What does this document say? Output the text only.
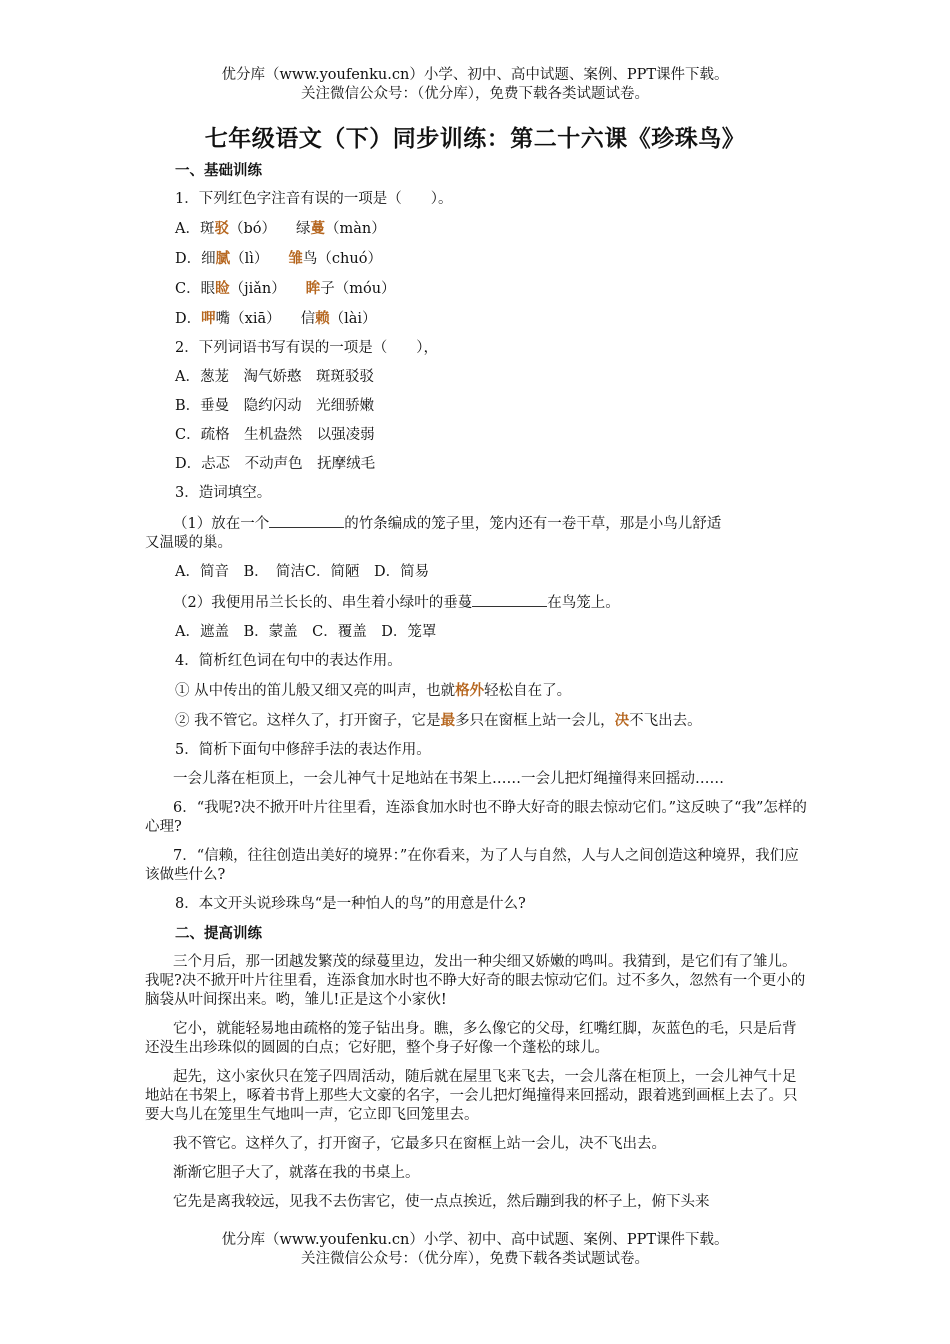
优分库（www.youfenku.cn）小学、初中、高中试题、案例、PPT课件下载。
关注微信公众号：（优分库），免费下载各类试题试卷。
七年级语文（下）同步训练：第二十六课《珍珠鸟》

一、基础训练

1．下列红色字注音有误的一项是（　　）。

A．斑驳（bó） 绿蔓（màn）

D．细腻（lì） 雏鸟（chuó）

C．眼睑（jiǎn） 眸子（móu）

D．呷嘴（xiā） 信赖（lài）

2．下列词语书写有误的一项是（　　），

A．葱茏　淘气娇憨　斑斑驳驳

B．垂曼　隐约闪动　光细骄嫩

C．疏格　生机盎然　以强凌弱

D．忐忑　不动声色　抚摩绒毛

3．造词填空。

（1）放在一个	的竹条编成的笼子里，笼内还有一卷干草，那是小鸟儿舒适

又温暖的巢。

A．简音　B．　简洁C．简陋　D．简易

（2）我便用吊兰长长的、串生着小绿叶的垂蔓	在鸟笼上。

A．遮盖　B．蒙盖　C．覆盖　D．笼罩

4．简析红色词在句中的表达作用。

① 从中传出的笛儿般又细又亮的叫声，也就格外轻松自在了。

② 我不管它。这样久了，打开窗子，它是最多只在窗框上站一会儿，决不飞出去。

5．简析下面句中修辞手法的表达作用。

一会儿落在柜顶上，一会儿神气十足地站在书架上……一会儿把灯绳撞得来回摇动……

6．“我呢?决不掀开叶片往里看，连添食加水时也不睁大好奇的眼去惊动它们。”这反映了“我”怎样的心理?

7．“信赖，往往创造出美好的境界：”在你看来，为了人与自然，人与人之间创造这种境界，我们应该做些什么?

8．本文开头说珍珠鸟“是一种怕人的鸟”的用意是什么?

二、提高训练

三个月后，那一团越发繁茂的绿蔓里边，发出一种尖细又娇嫩的鸣叫。我猜到，是它们有了雏儿。我呢?决不掀开叶片往里看，连添食加水时也不睁大好奇的眼去惊动它们。过不多久，忽然有一个更小的脑袋从叶间探出来。哟，雏儿!正是这个小家伙!

它小，就能轻易地由疏格的笼子钻出身。瞧，多么像它的父母，红嘴红脚，灰蓝色的毛，只是后背还没生出珍珠似的圆圆的白点；它好肥，整个身子好像一个蓬松的球儿。

起先，这小家伙只在笼子四周活动，随后就在屋里飞来飞去，一会儿落在柜顶上，一会儿神气十足地站在书架上，啄着书背上那些大文豪的名字，一会儿把灯绳撞得来回摇动，跟着逃到画框上去了。只要大鸟儿在笼里生气地叫一声，它立即飞回笼里去。

我不管它。这样久了，打开窗子，它最多只在窗框上站一会儿，决不飞出去。

渐渐它胆子大了，就落在我的书桌上。

它先是离我较远，见我不去伤害它，使一点点挨近，然后蹦到我的杯子上，俯下头来

优分库（www.youfenku.cn）小学、初中、高中试题、案例、PPT课件下载。
关注微信公众号：（优分库），免费下载各类试题试卷。
